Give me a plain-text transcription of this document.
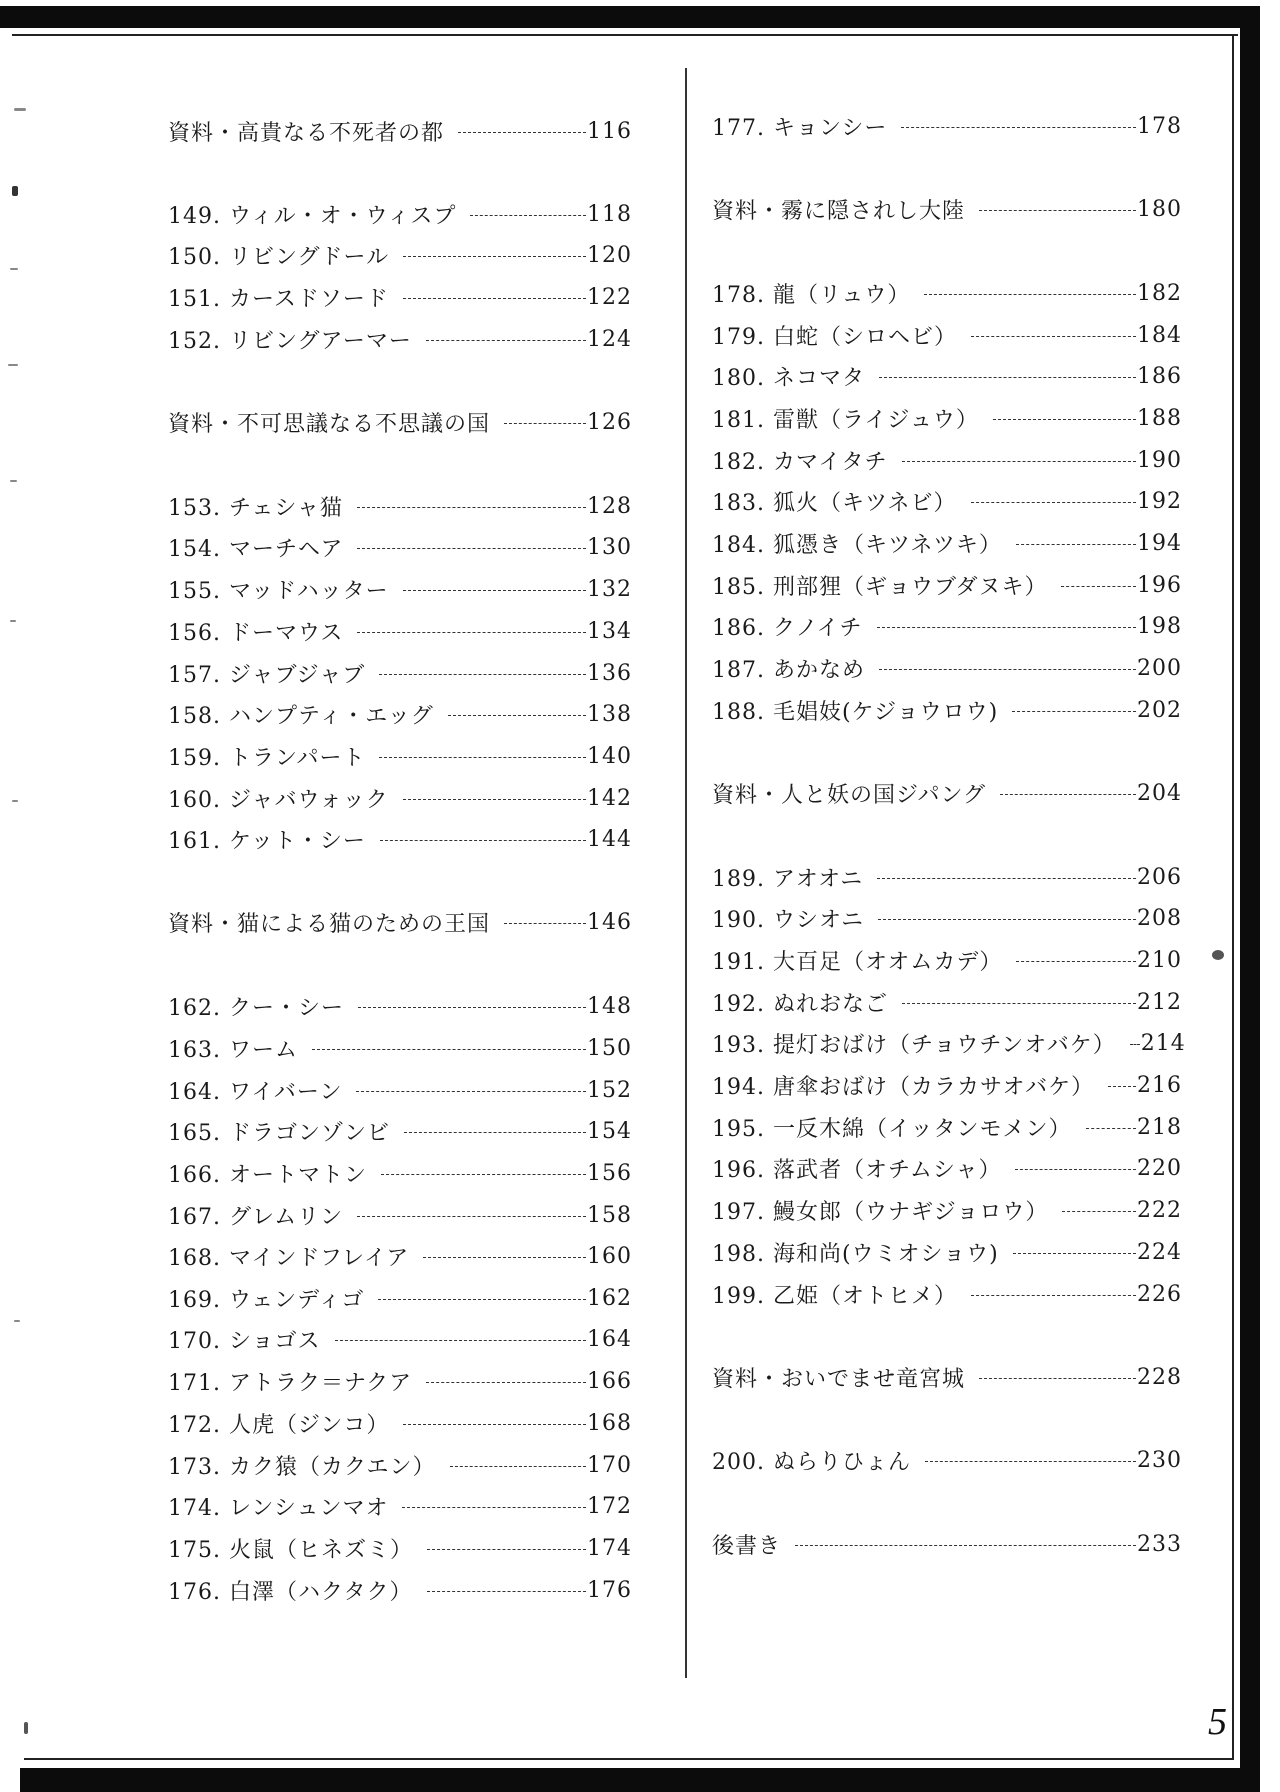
資料・高貴なる不死者の都	116
149. ウィル・オ・ウィスプ	118
150. リビングドール	120
151. カースドソード	122
152. リビングアーマー	124
資料・不可思議なる不思議の国	126
153. チェシャ猫	128
154. マーチヘア	130
155. マッドハッター	132
156. ドーマウス	134
157. ジャブジャブ	136
158. ハンプティ・エッグ	138
159. トランパート	140
160. ジャバウォック	142
161. ケット・シー	144
資料・猫による猫のための王国	146
162. クー・シー	148
163. ワーム	150
164. ワイバーン	152
165. ドラゴンゾンビ	154
166. オートマトン	156
167. グレムリン	158
168. マインドフレイア	160
169. ウェンディゴ	162
170. ショゴス	164
171. アトラク＝ナクア	166
172. 人虎（ジンコ）	168
173. カク猿（カクエン）	170
174. レンシュンマオ	172
175. 火鼠（ヒネズミ）	174
176. 白澤（ハクタク）	176
177. キョンシー	178
資料・霧に隠されし大陸	180
178. 龍（リュウ）	182
179. 白蛇（シロヘビ）	184
180. ネコマタ	186
181. 雷獣（ライジュウ）	188
182. カマイタチ	190
183. 狐火（キツネビ）	192
184. 狐憑き（キツネツキ）	194
185. 刑部狸（ギョウブダヌキ）	196
186. クノイチ	198
187. あかなめ	200
188. 毛娼妓(ケジョウロウ)	202
資料・人と妖の国ジパング	204
189. アオオニ	206
190. ウシオニ	208
191. 大百足（オオムカデ）	210
192. ぬれおなご	212
193. 提灯おばけ（チョウチンオバケ）	214
194. 唐傘おばけ（カラカサオバケ）	216
195. 一反木綿（イッタンモメン）	218
196. 落武者（オチムシャ）	220
197. 鰻女郎（ウナギジョロウ）	222
198. 海和尚(ウミオショウ)	224
199. 乙姫（オトヒメ）	226
資料・おいでませ竜宮城	228
200. ぬらりひょん	230
後書き	233
5
